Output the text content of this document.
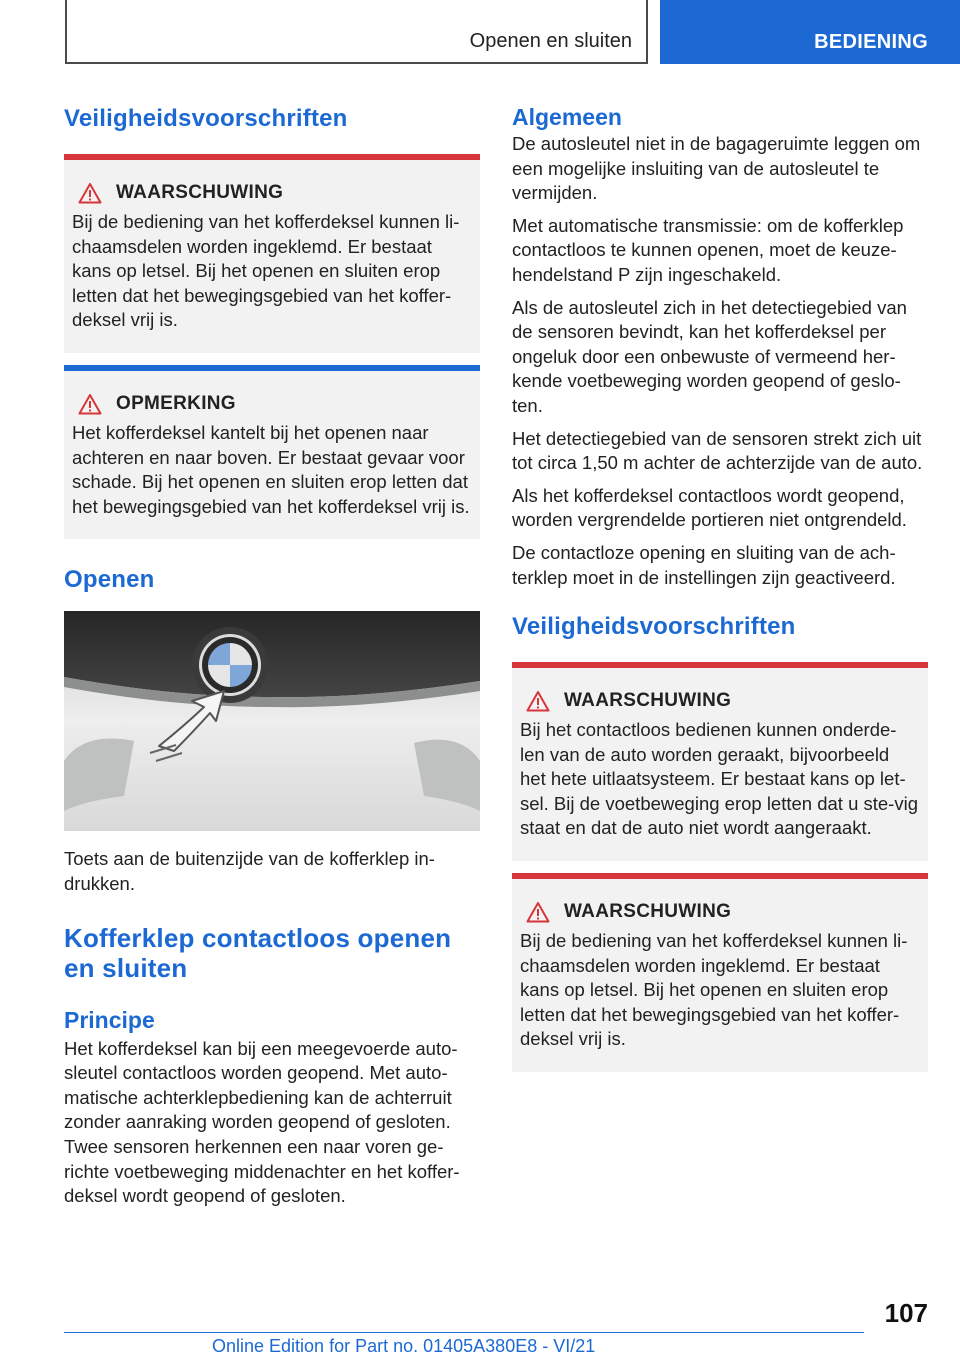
Openen en sluiten	BEDIENING
Veiligheidsvoorschriften
WAARSCHUWING

Bij de bediening van het kofferdeksel kunnen li-chaamsdelen worden ingeklemd. Er bestaat kans op letsel. Bij het openen en sluiten erop letten dat het bewegingsgebied van het koffer-deksel vrij is.

OPMERKING

Het kofferdeksel kantelt bij het openen naar achteren en naar boven. Er bestaat gevaar voor schade. Bij het openen en sluiten erop letten dat het bewegingsgebied van het kofferdeksel vrij is.

Openen

Toets aan de buitenzijde van de kofferklep in-drukken.

Kofferklep contactloos openen en sluiten
Principe

Het kofferdeksel kan bij een meegevoerde auto-sleutel contactloos worden geopend. Met auto-matische achterklepbediening kan de achterruit zonder aanraking worden geopend of gesloten. Twee sensoren herkennen een naar voren ge-richte voetbeweging middenachter en het koffer-deksel wordt geopend of gesloten.

Algemeen

De autosleutel niet in de bagageruimte leggen om een mogelijke insluiting van de autosleutel te vermijden.

Met automatische transmissie: om de kofferklep contactloos te kunnen openen, moet de keuze-hendelstand P zijn ingeschakeld.

Als de autosleutel zich in het detectiegebied van de sensoren bevindt, kan het kofferdeksel per ongeluk door een onbewuste of vermeend her-kende voetbeweging worden geopend of geslo-ten.

Het detectiegebied van de sensoren strekt zich uit tot circa 1,50 m achter de achterzijde van de auto.

Als het kofferdeksel contactloos wordt geopend, worden vergrendelde portieren niet ontgrendeld.

De contactloze opening en sluiting van de ach-terklep moet in de instellingen zijn geactiveerd.

Veiligheidsvoorschriften
WAARSCHUWING

Bij het contactloos bedienen kunnen onderde-len van de auto worden geraakt, bijvoorbeeld het hete uitlaatsysteem. Er bestaat kans op let-sel. Bij de voetbeweging erop letten dat u ste-vig staat en dat de auto niet wordt aangeraakt.

WAARSCHUWING

Bij de bediening van het kofferdeksel kunnen li-chaamsdelen worden ingeklemd. Er bestaat kans op letsel. Bij het openen en sluiten erop letten dat het bewegingsgebied van het koffer-deksel vrij is.

107
Online Edition for Part no. 01405A380E8 - VI/21
